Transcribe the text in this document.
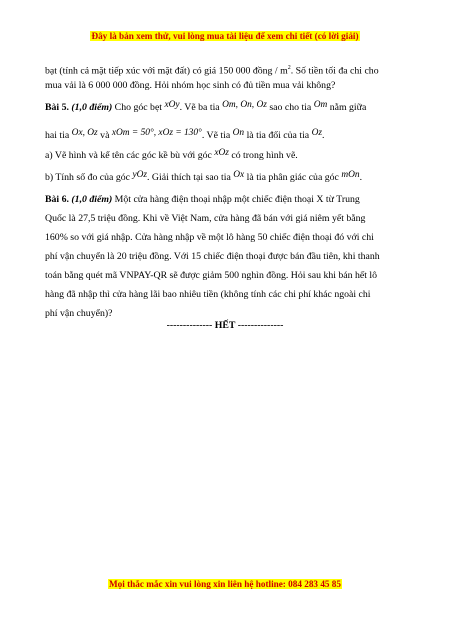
Đây là bản xem thử, vui lòng mua tài liệu để xem chi tiết (có lời giải)
bạt (tính cả mặt tiếp xúc với mặt đất) có giá 150 000 đồng / $m^2$. Số tiền tối đa chi cho
mua vải là 6 000 000 đồng. Hỏi nhóm học sinh có đủ tiền mua vải không?
Bài 5. (1,0 điểm) Cho góc bẹt xOy. Vẽ ba tia Om, On, Oz sao cho tia Om nằm giữa
hai tia Ox, Oz và xOm = 50°, xOz = 130°. Vẽ tia On là tia đối của tia Oz.
a) Vẽ hình và kể tên các góc kề bù với góc xOz có trong hình vẽ.
b) Tính số đo của góc yOz. Giải thích tại sao tia Ox là tia phân giác của góc mOn.
Bài 6. (1,0 điểm) Một cửa hàng điện thoại nhập một chiếc điện thoại X từ Trung
Quốc là 27,5 triệu đồng. Khi về Việt Nam, cửa hàng đã bán với giá niêm yết bằng
160% so với giá nhập. Cửa hàng nhập về một lô hàng 50 chiếc điện thoại đó với chi
phí vận chuyển là 20 triệu đồng. Với 15 chiếc điện thoại được bán đầu tiên, khi thanh
toán bằng quét mã VNPAY-QR sẽ được giảm 500 nghìn đồng. Hỏi sau khi bán hết lô
hàng đã nhập thì cửa hàng lãi bao nhiêu tiền (không tính các chi phí khác ngoài chi
phí vận chuyển)?
-------------- HẾT --------------
Mọi thắc mắc xin vui lòng xin liên hệ hotline: 084 283 45 85
